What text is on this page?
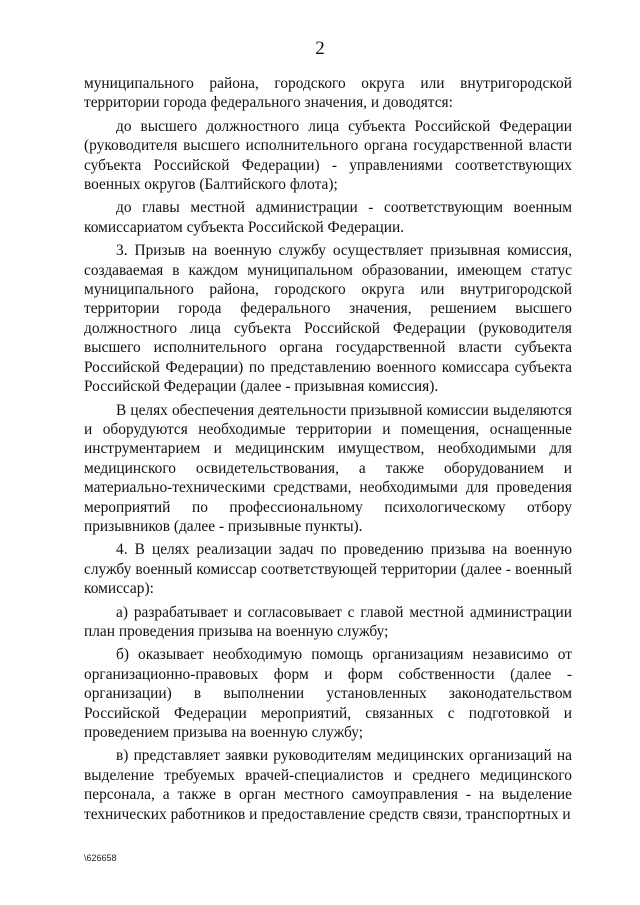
2

муниципального района, городского округа или внутригородской территории города федерального значения, и доводятся:

до высшего должностного лица субъекта Российской Федерации (руководителя высшего исполнительного органа государственной власти субъекта Российской Федерации) - управлениями соответствующих военных округов (Балтийского флота);

до главы местной администрации - соответствующим военным комиссариатом субъекта Российской Федерации.

3. Призыв на военную службу осуществляет призывная комиссия, создаваемая в каждом муниципальном образовании, имеющем статус муниципального района, городского округа или внутригородской территории города федерального значения, решением высшего должностного лица субъекта Российской Федерации (руководителя высшего исполнительного органа государственной власти субъекта Российской Федерации) по представлению военного комиссара субъекта Российской Федерации (далее - призывная комиссия).

В целях обеспечения деятельности призывной комиссии выделяются и оборудуются необходимые территории и помещения, оснащенные инструментарием и медицинским имуществом, необходимыми для медицинского освидетельствования, а также оборудованием и материально-техническими средствами, необходимыми для проведения мероприятий по профессиональному психологическому отбору призывников (далее - призывные пункты).

4. В целях реализации задач по проведению призыва на военную службу военный комиссар соответствующей территории (далее - военный комиссар):

а) разрабатывает и согласовывает с главой местной администрации план проведения призыва на военную службу;

б) оказывает необходимую помощь организациям независимо от организационно-правовых форм и форм собственности (далее - организации) в выполнении установленных законодательством Российской Федерации мероприятий, связанных с подготовкой и проведением призыва на военную службу;

в) представляет заявки руководителям медицинских организаций на выделение требуемых врачей-специалистов и среднего медицинского персонала, а также в орган местного самоуправления - на выделение технических работников и предоставление средств связи, транспортных и

\626658
